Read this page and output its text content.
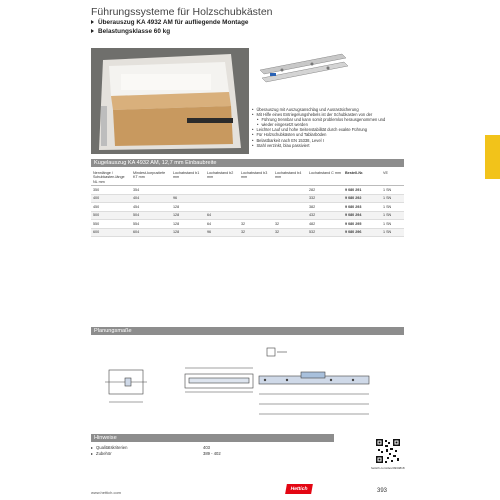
Führungssysteme für Holzschubkästen
Überauszug KA 4932 AM für aufliegende Montage
Belastungsklasse 60 kg
• Überauszug mit Auszugsanschlag und Ausrastsicherung
• Mit Hilfe eines Entriegelungshebels ist der Schubkasten von der
• Führung trennbar und kann somit problemlos herausgenommen und
• wieder eingesetzt werden
• Leichter Lauf und hohe Seitenstabilität durch exakte Führung
• Für Holzschubkästen und Tablarböden
• Belastbarkeit nach EN 15338, Level I
• Stahl verzinkt, blau passiviert
Kugelauszug KA 4932 AM, 12,7 mm Einbaubreite
Nennlänge / Schubkasten-länge NL mm	Mindest-korpustiefe KT mm	Lochabstand b1 mm	Lochabstand b2 mm	Lochabstand b3 mm	Lochabstand b4 mm	Lochabstand C mm	Bestell-Nr.	VE
350	354					282	9 080 291	1 SN
400	404	96				332	9 080 292	1 SN
450	454	128				382	9 080 293	1 SN
500	504	128	64			432	9 080 294	1 SN
550	554	128	64	32	32	482	9 080 295	1 SN
600	604	128	96	32	32	532	9 080 296	1 SN
Planungsmaße
Hinweise
▸ Qualitätskriterien	403
▸ Zubehör	389 - 402
hettich.com/dev/4934818
www.hettich.com
Hettich	393
